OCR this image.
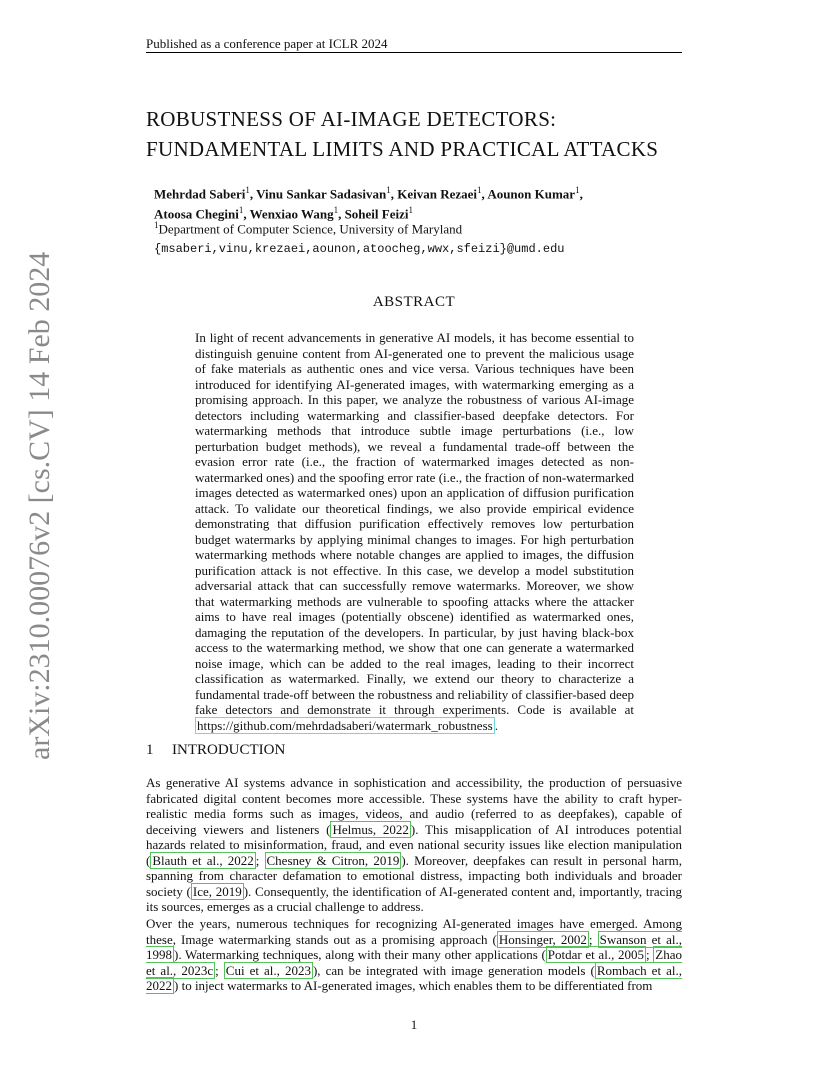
Published as a conference paper at ICLR 2024
arXiv:2310.00076v2 [cs.CV] 14 Feb 2024
ROBUSTNESS OF AI-IMAGE DETECTORS:
FUNDAMENTAL LIMITS AND PRACTICAL ATTACKS
Mehrdad Saberi$^1$, Vinu Sankar Sadasivan$^1$, Keivan Rezaei$^1$, Aounon Kumar$^1$,
Atoosa Chegini$^1$, Wenxiao Wang$^1$, Soheil Feizi$^1$
$^1$Department of Computer Science, University of Maryland
{msaberi,vinu,krezaei,aounon,atoocheg,wwx,sfeizi}@umd.edu
ABSTRACT
In light of recent advancements in generative AI models, it has become essential to distinguish genuine content from AI-generated one to prevent the malicious usage of fake materials as authentic ones and vice versa. Various techniques have been introduced for identifying AI-generated images, with watermarking emerging as a promising approach. In this paper, we analyze the robustness of various AI-image detectors including watermarking and classifier-based deepfake detectors. For watermarking methods that introduce subtle image perturbations (i.e., low perturbation budget methods), we reveal a fundamental trade-off between the evasion error rate (i.e., the fraction of watermarked images detected as non-watermarked ones) and the spoofing error rate (i.e., the fraction of non-watermarked images detected as watermarked ones) upon an application of diffusion purification attack. To validate our theoretical findings, we also provide empirical evidence demonstrating that diffusion purification effectively removes low perturbation budget watermarks by applying minimal changes to images. For high perturbation watermarking methods where notable changes are applied to images, the diffusion purification attack is not effective. In this case, we develop a model substitution adversarial attack that can successfully remove watermarks. Moreover, we show that watermarking methods are vulnerable to spoofing attacks where the attacker aims to have real images (potentially obscene) identified as watermarked ones, damaging the reputation of the developers. In particular, by just having black-box access to the watermarking method, we show that one can generate a watermarked noise image, which can be added to the real images, leading to their incorrect classification as watermarked. Finally, we extend our theory to characterize a fundamental trade-off between the robustness and reliability of classifier-based deep fake detectors and demonstrate it through experiments. Code is available at https://github.com/mehrdadsaberi/watermark_robustness .
1 INTRODUCTION
As generative AI systems advance in sophistication and accessibility, the production of persuasive fabricated digital content becomes more accessible. These systems have the ability to craft hyper-realistic media forms such as images, videos, and audio (referred to as deepfakes), capable of deceiving viewers and listeners ( Helmus, 2022 ). This misapplication of AI introduces potential hazards related to misinformation, fraud, and even national security issues like election manipulation ( Blauth et al., 2022 ; Chesney & Citron, 2019 ). Moreover, deepfakes can result in personal harm, spanning from character defamation to emotional distress, impacting both individuals and broader society ( Ice, 2019 ). Consequently, the identification of AI-generated content and, importantly, tracing its sources, emerges as a crucial challenge to address.
Over the years, numerous techniques for recognizing AI-generated images have emerged. Among these, Image watermarking stands out as a promising approach ( Honsinger, 2002 ; Swanson et al., 1998 ). Watermarking techniques, along with their many other applications ( Potdar et al., 2005 ; Zhao et al., 2023c ; Cui et al., 2023 ), can be integrated with image generation models ( Rombach et al., 2022 ) to inject watermarks to AI-generated images, which enables them to be differentiated from
1
